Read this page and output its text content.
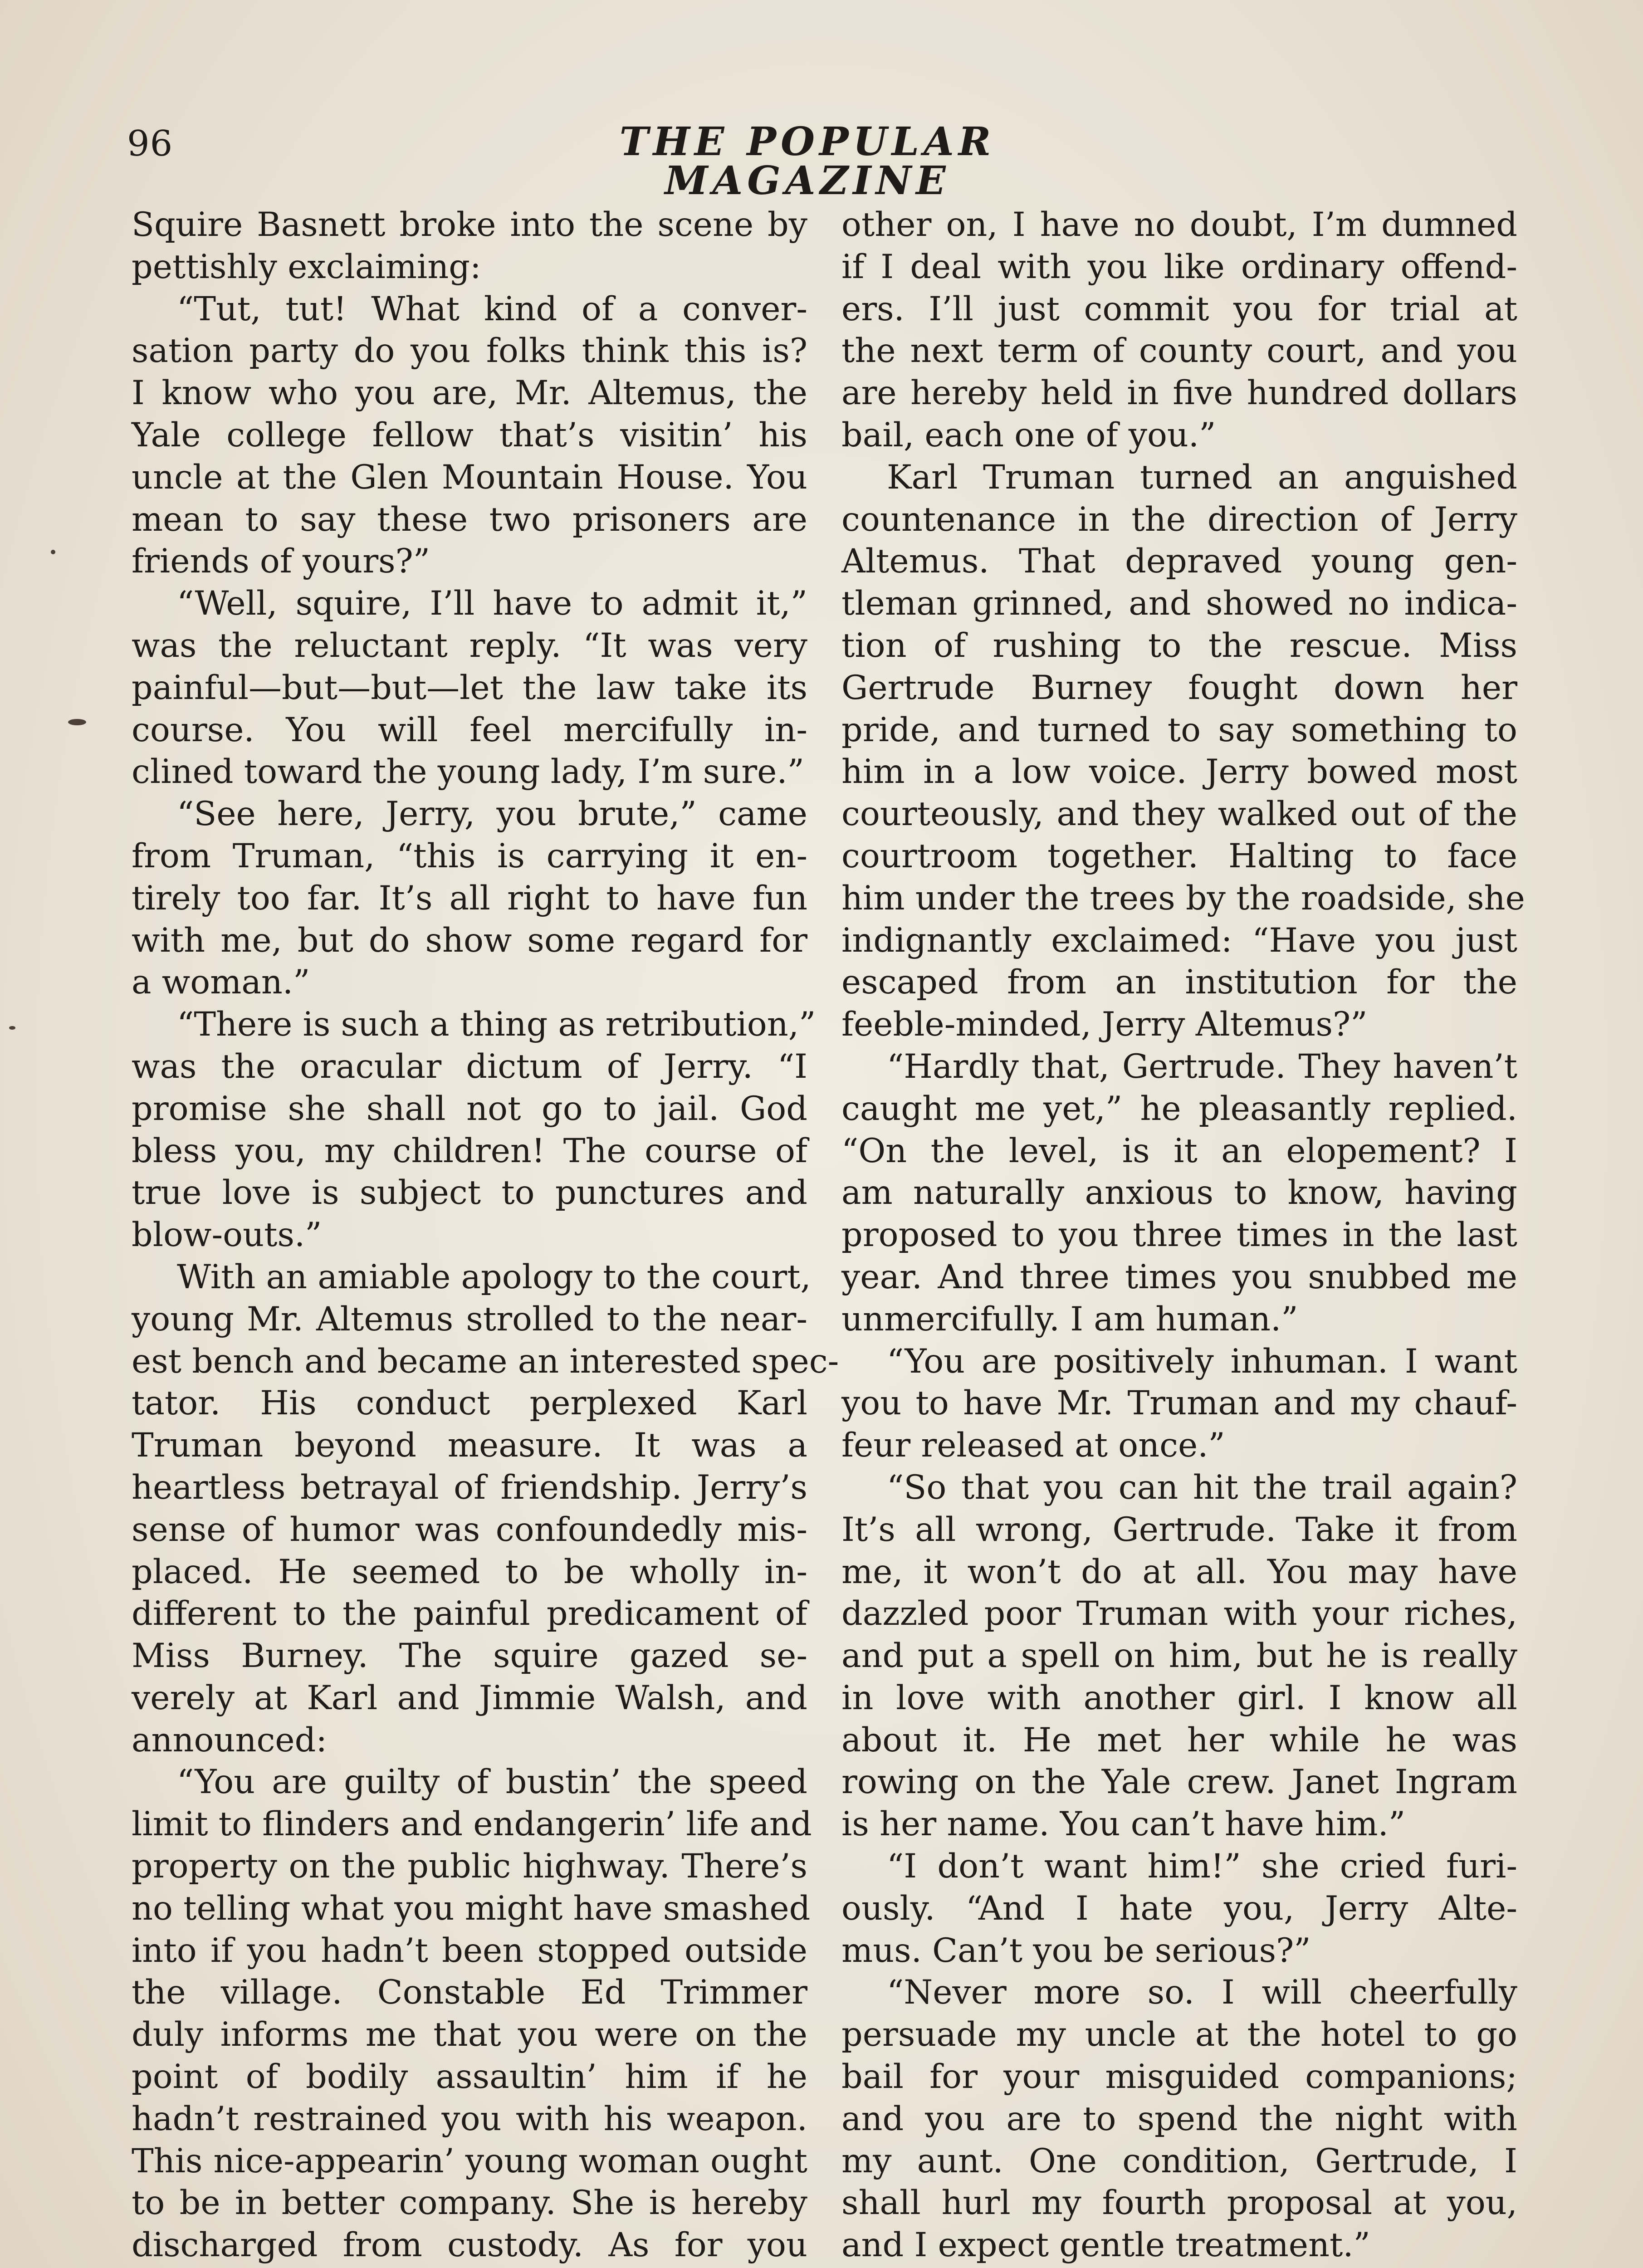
96	THE POPULAR MAGAZINE
Squire Basnett broke into the scene by
pettishly exclaiming:
“Tut, tut! What kind of a conver-
sation party do you folks think this is?
I know who you are, Mr. Altemus, the
Yale college fellow that’s visitin’ his
uncle at the Glen Mountain House. You
mean to say these two prisoners are
friends of yours?”
“Well, squire, I’ll have to admit it,”
was the reluctant reply. “It was very
painful—but—but—let the law take its
course. You will feel mercifully in-
clined toward the young lady, I’m sure.”
“See here, Jerry, you brute,” came
from Truman, “this is carrying it en-
tirely too far. It’s all right to have fun
with me, but do show some regard for
a woman.”
“There is such a thing as retribution,”
was the oracular dictum of Jerry. “I
promise she shall not go to jail. God
bless you, my children! The course of
true love is subject to punctures and
blow-outs.”
With an amiable apology to the court,
young Mr. Altemus strolled to the near-
est bench and became an interested spec-
tator. His conduct perplexed Karl
Truman beyond measure. It was a
heartless betrayal of friendship. Jerry’s
sense of humor was confoundedly mis-
placed. He seemed to be wholly in-
different to the painful predicament of
Miss Burney. The squire gazed se-
verely at Karl and Jimmie Walsh, and
announced:
“You are guilty of bustin’ the speed
limit to flinders and endangerin’ life and
property on the public highway. There’s
no telling what you might have smashed
into if you hadn’t been stopped outside
the village. Constable Ed Trimmer
duly informs me that you were on the
point of bodily assaultin’ him if he
hadn’t restrained you with his weapon.
This nice-appearin’ young woman ought
to be in better company. She is hereby
discharged from custody. As for you
other on, I have no doubt, I’m dumned
if I deal with you like ordinary offend-
ers. I’ll just commit you for trial at
the next term of county court, and you
are hereby held in five hundred dollars
bail, each one of you.”
Karl Truman turned an anguished
countenance in the direction of Jerry
Altemus. That depraved young gen-
tleman grinned, and showed no indica-
tion of rushing to the rescue. Miss
Gertrude Burney fought down her
pride, and turned to say something to
him in a low voice. Jerry bowed most
courteously, and they walked out of the
courtroom together. Halting to face
him under the trees by the roadside, she
indignantly exclaimed: “Have you just
escaped from an institution for the
feeble-minded, Jerry Altemus?”
“Hardly that, Gertrude. They haven’t
caught me yet,” he pleasantly replied.
“On the level, is it an elopement? I
am naturally anxious to know, having
proposed to you three times in the last
year. And three times you snubbed me
unmercifully. I am human.”
“You are positively inhuman. I want
you to have Mr. Truman and my chauf-
feur released at once.”
“So that you can hit the trail again?
It’s all wrong, Gertrude. Take it from
me, it won’t do at all. You may have
dazzled poor Truman with your riches,
and put a spell on him, but he is really
in love with another girl. I know all
about it. He met her while he was
rowing on the Yale crew. Janet Ingram
is her name. You can’t have him.”
“I don’t want him!” she cried furi-
ously. “And I hate you, Jerry Alte-
mus. Can’t you be serious?”
“Never more so. I will cheerfully
persuade my uncle at the hotel to go
bail for your misguided companions;
and you are to spend the night with
my aunt. One condition, Gertrude, I
shall hurl my fourth proposal at you,
and I expect gentle treatment.”
